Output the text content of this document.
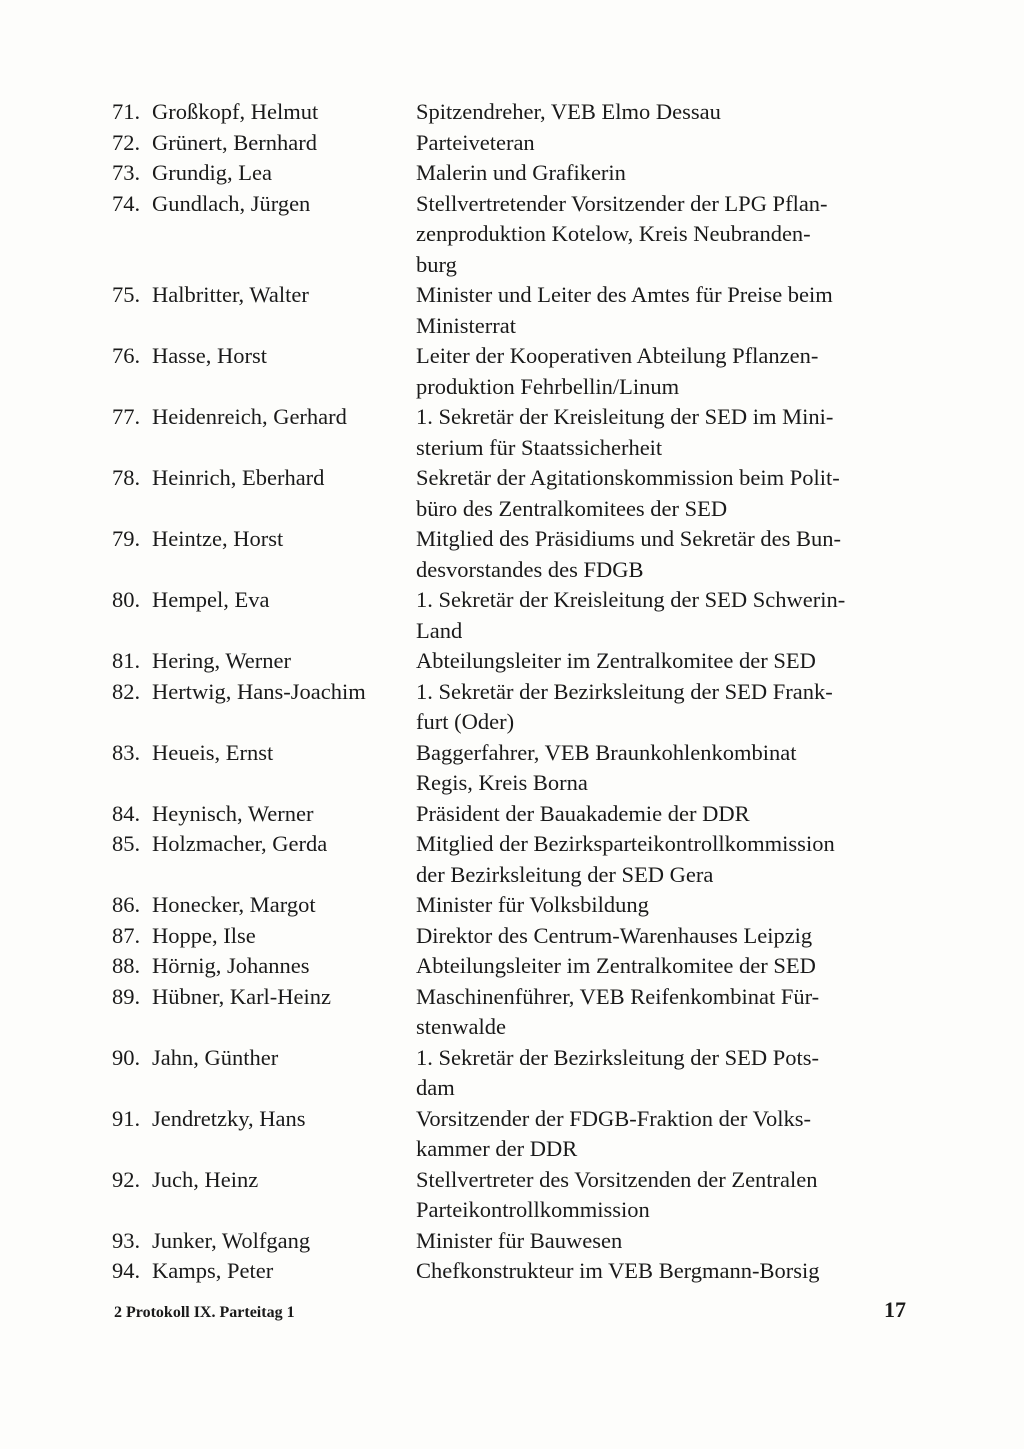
71. Großkopf, Helmut	Spitzendreher, VEB Elmo Dessau
72. Grünert, Bernhard	Parteiveteran
73. Grundig, Lea	Malerin und Grafikerin
74. Gundlach, Jürgen	Stellvertretender Vorsitzender der LPG Pflan-
zenproduktion Kotelow, Kreis Neubranden-
burg
75. Halbritter, Walter	Minister und Leiter des Amtes für Preise beim
Ministerrat
76. Hasse, Horst	Leiter der Kooperativen Abteilung Pflanzen-
produktion Fehrbellin/Linum
77. Heidenreich, Gerhard	1. Sekretär der Kreisleitung der SED im Mini-
sterium für Staatssicherheit
78. Heinrich, Eberhard	Sekretär der Agitationskommission beim Polit-
büro des Zentralkomitees der SED
79. Heintze, Horst	Mitglied des Präsidiums und Sekretär des Bun-
desvorstandes des FDGB
80. Hempel, Eva	1. Sekretär der Kreisleitung der SED Schwerin-
Land
81. Hering, Werner	Abteilungsleiter im Zentralkomitee der SED
82. Hertwig, Hans-Joachim	1. Sekretär der Bezirksleitung der SED Frank-
furt (Oder)
83. Heueis, Ernst	Baggerfahrer, VEB Braunkohlenkombinat
Regis, Kreis Borna
84. Heynisch, Werner	Präsident der Bauakademie der DDR
85. Holzmacher, Gerda	Mitglied der Bezirksparteikontrollkommission
der Bezirksleitung der SED Gera
86. Honecker, Margot	Minister für Volksbildung
87. Hoppe, Ilse	Direktor des Centrum-Warenhauses Leipzig
88. Hörnig, Johannes	Abteilungsleiter im Zentralkomitee der SED
89. Hübner, Karl-Heinz	Maschinenführer, VEB Reifenkombinat Für-
stenwalde
90. Jahn, Günther	1. Sekretär der Bezirksleitung der SED Pots-
dam
91. Jendretzky, Hans	Vorsitzender der FDGB-Fraktion der Volks-
kammer der DDR
92. Juch, Heinz	Stellvertreter des Vorsitzenden der Zentralen
Parteikontrollkommission
93. Junker, Wolfgang	Minister für Bauwesen
94. Kamps, Peter	Chefkonstrukteur im VEB Bergmann-Borsig
2 Protokoll IX. Parteitag 1	17
